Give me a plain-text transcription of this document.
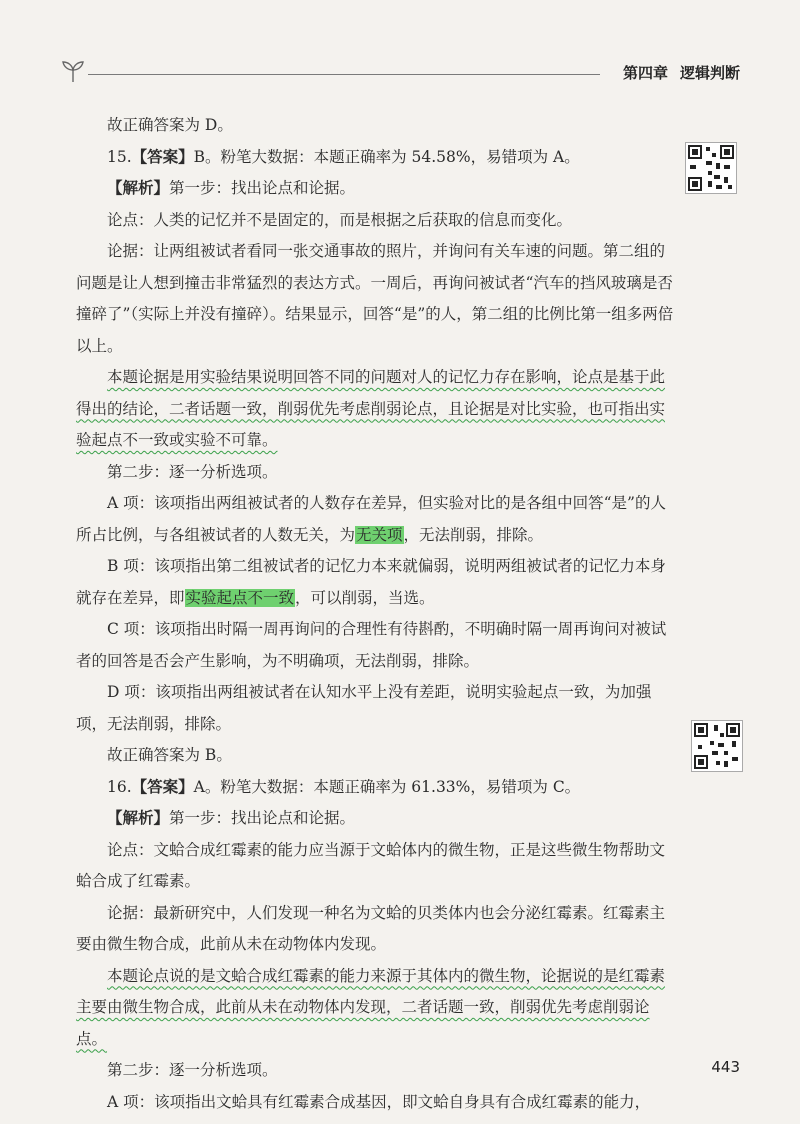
第四章 逻辑判断

故正确答案为 D。

15.【答案】B。粉笔大数据：本题正确率为 54.58%，易错项为 A。

【解析】第一步：找出论点和论据。

论点：人类的记忆并不是固定的，而是根据之后获取的信息而变化。

论据：让两组被试者看同一张交通事故的照片，并询问有关车速的问题。第二组的问题是让人想到撞击非常猛烈的表达方式。一周后，再询问被试者“汽车的挡风玻璃是否撞碎了”（实际上并没有撞碎）。结果显示，回答“是”的人，第二组的比例比第一组多两倍以上。

本题论据是用实验结果说明回答不同的问题对人的记忆力存在影响，论点是基于此得出的结论，二者话题一致，削弱优先考虑削弱论点，且论据是对比实验，也可指出实验起点不一致或实验不可靠。

第二步：逐一分析选项。

A 项：该项指出两组被试者的人数存在差异，但实验对比的是各组中回答“是”的人所占比例，与各组被试者的人数无关，为无关项，无法削弱，排除。

B 项：该项指出第二组被试者的记忆力本来就偏弱，说明两组被试者的记忆力本身就存在差异，即实验起点不一致，可以削弱，当选。

C 项：该项指出时隔一周再询问的合理性有待斟酌，不明确时隔一周再询问对被试者的回答是否会产生影响，为不明确项，无法削弱，排除。

D 项：该项指出两组被试者在认知水平上没有差距，说明实验起点一致，为加强项，无法削弱，排除。

故正确答案为 B。

16.【答案】A。粉笔大数据：本题正确率为 61.33%，易错项为 C。

【解析】第一步：找出论点和论据。

论点：文蛤合成红霉素的能力应当源于文蛤体内的微生物，正是这些微生物帮助文蛤合成了红霉素。

论据：最新研究中，人们发现一种名为文蛤的贝类体内也会分泌红霉素。红霉素主要由微生物合成，此前从未在动物体内发现。

本题论点说的是文蛤合成红霉素的能力来源于其体内的微生物，论据说的是红霉素主要由微生物合成，此前从未在动物体内发现，二者话题一致，削弱优先考虑削弱论点。

第二步：逐一分析选项。

A 项：该项指出文蛤具有红霉素合成基因，即文蛤自身具有合成红霉素的能力，

443
